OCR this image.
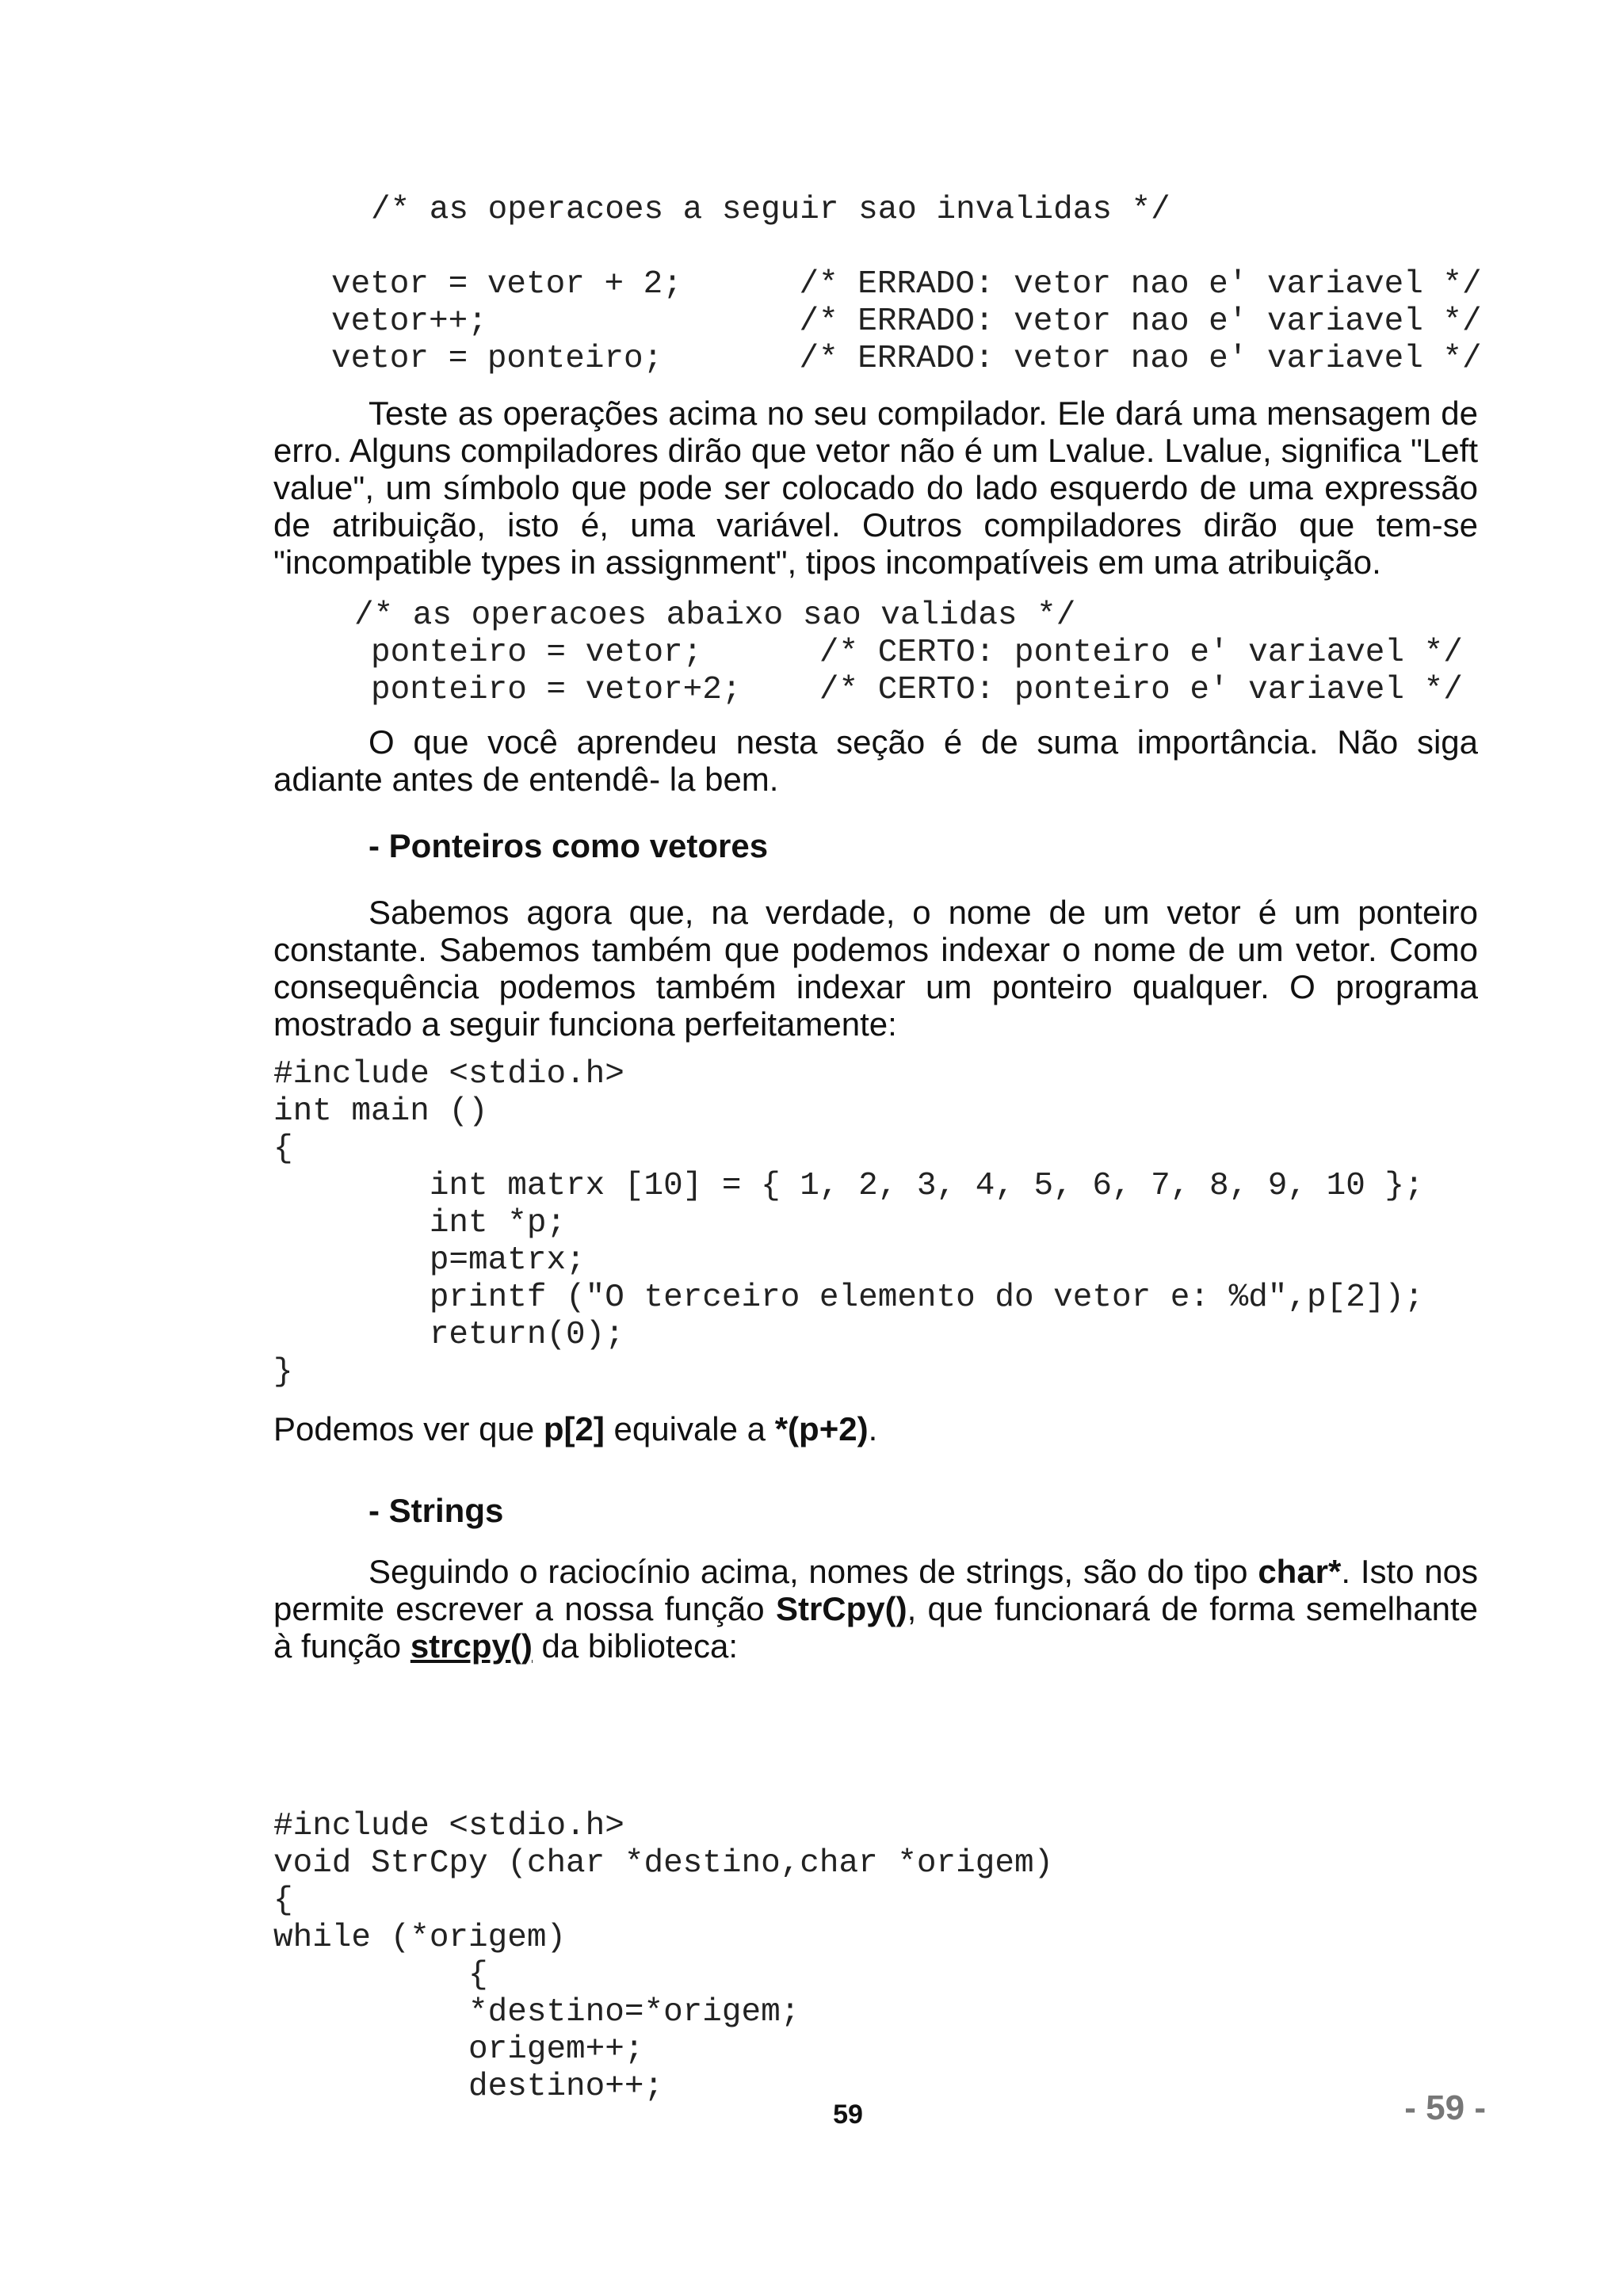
/* as operacoes a seguir sao invalidas */
vetor = vetor + 2;      /* ERRADO: vetor nao e' variavel */
vetor++;                /* ERRADO: vetor nao e' variavel */
vetor = ponteiro;       /* ERRADO: vetor nao e' variavel */

Teste as operações acima no seu compilador. Ele dará uma mensagem de erro. Alguns compiladores dirão que vetor não é um Lvalue. Lvalue, significa "Left value", um símbolo que pode ser colocado do lado esquerdo de uma expressão de atribuição, isto é, uma variável. Outros compiladores dirão que tem-se "incompatible types in assignment", tipos incompatíveis em uma atribuição.

/* as operacoes abaixo sao validas */
ponteiro = vetor;      /* CERTO: ponteiro e' variavel */
ponteiro = vetor+2;    /* CERTO: ponteiro e' variavel */

O que você aprendeu nesta seção é de suma importância. Não siga adiante antes de entendê- la bem.

- Ponteiros como vetores

Sabemos agora que, na verdade, o nome de um vetor é um ponteiro constante. Sabemos também que podemos indexar o nome de um vetor. Como consequência podemos também indexar um ponteiro qualquer. O programa mostrado a seguir funciona perfeitamente:

#include <stdio.h>
int main ()
{
int matrx [10] = { 1, 2, 3, 4, 5, 6, 7, 8, 9, 10 };
int *p;
p=matrx;
printf ("O terceiro elemento do vetor e: %d",p[2]);
return(0);
}

Podemos ver que p[2] equivale a *(p+2).

- Strings

Seguindo o raciocínio acima, nomes de strings, são do tipo char*. Isto nos permite escrever a nossa função StrCpy(), que funcionará de forma semelhante à função strcpy() da biblioteca:

#include <stdio.h>
void StrCpy (char *destino,char *origem)
{
while (*origem)
{
*destino=*origem;
origem++;
destino++;
59	- 59 -
